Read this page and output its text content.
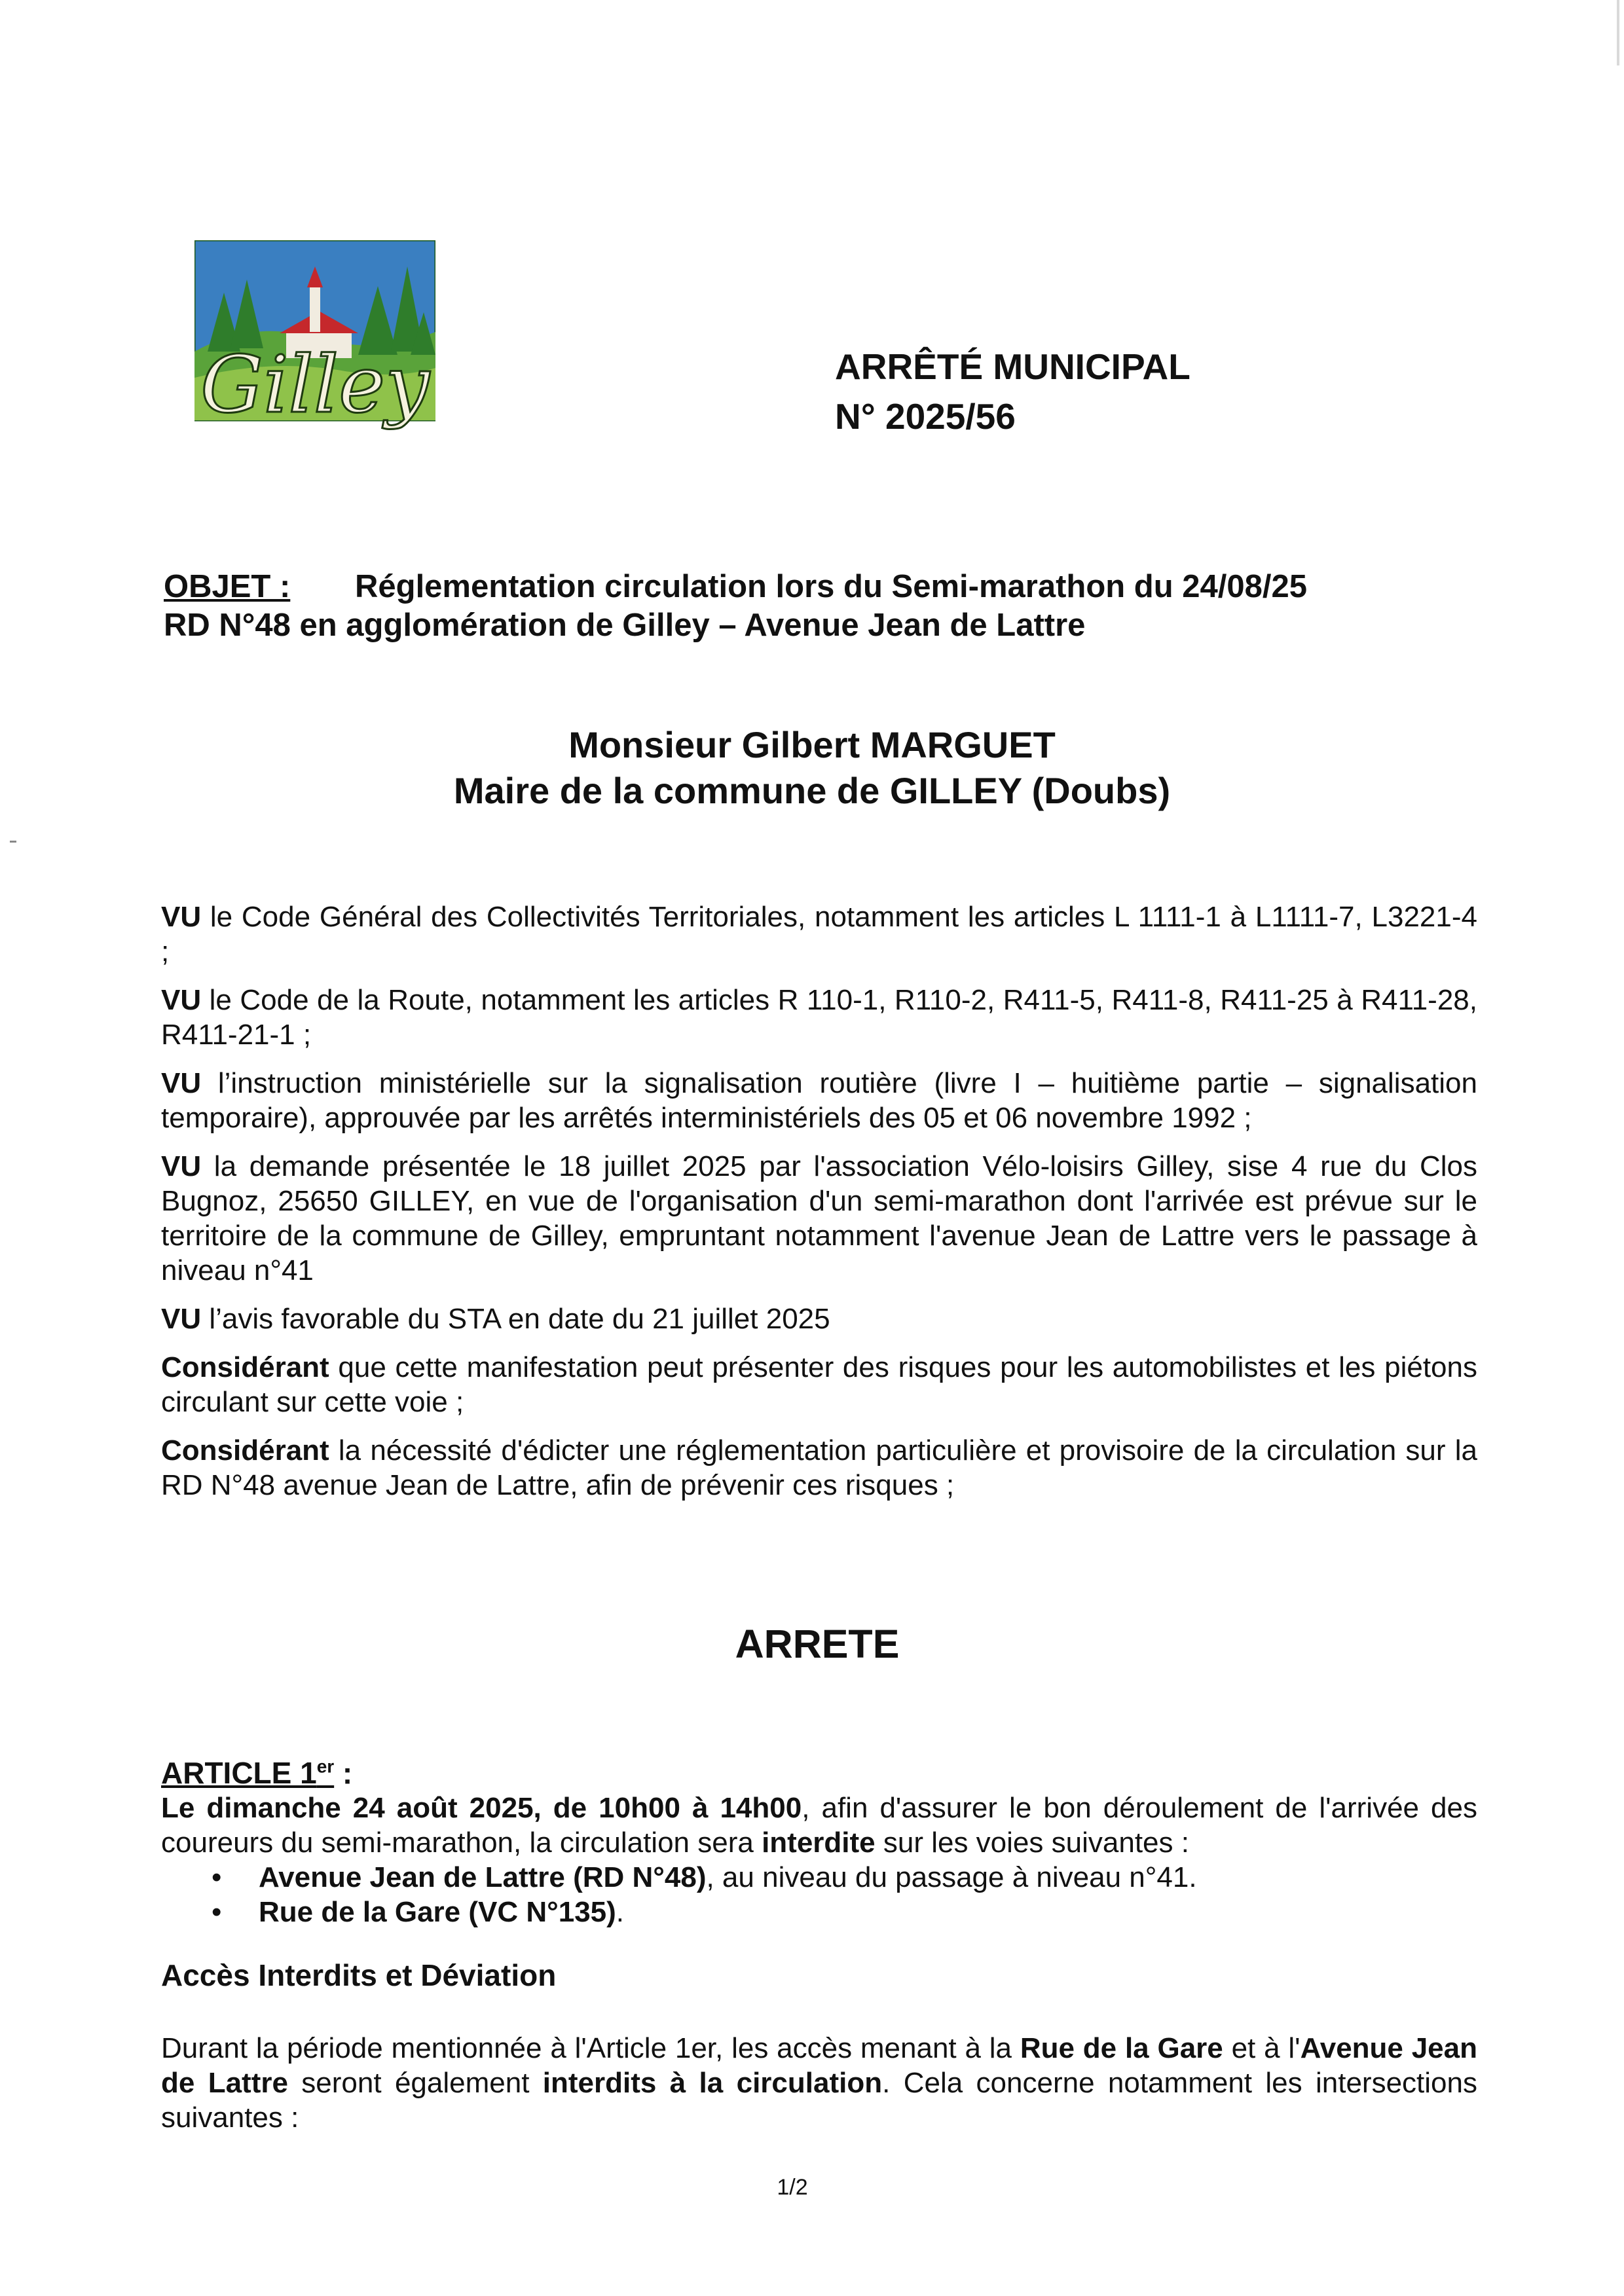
Gilley	ARRÊTÉ MUNICIPAL
N° 2025/56
OBJET : Réglementation circulation lors du Semi-marathon du 24/08/25
RD N°48 en agglomération de Gilley – Avenue Jean de Lattre
Monsieur Gilbert MARGUET
Maire de la commune de GILLEY (Doubs)

VU le Code Général des Collectivités Territoriales, notamment les articles L 1111-1 à L1111-7, L3221-4 ;

VU le Code de la Route, notamment les articles R 110-1, R110-2, R411-5, R411-8, R411-25 à R411-28, R411-21-1 ;

VU l’instruction ministérielle sur la signalisation routière (livre I – huitième partie – signalisation temporaire), approuvée par les arrêtés interministériels des 05 et 06 novembre 1992 ;

VU la demande présentée le 18 juillet 2025 par l'association Vélo-loisirs Gilley, sise 4 rue du Clos Bugnoz, 25650 GILLEY, en vue de l'organisation d'un semi-marathon dont l'arrivée est prévue sur le territoire de la commune de Gilley, empruntant notamment l'avenue Jean de Lattre vers le passage à niveau n°41

VU l’avis favorable du STA en date du 21 juillet 2025

Considérant que cette manifestation peut présenter des risques pour les automobilistes et les piétons circulant sur cette voie ;

Considérant la nécessité d'édicter une réglementation particulière et provisoire de la circulation sur la RD N°48 avenue Jean de Lattre, afin de prévenir ces risques ;

ARRETE
ARTICLE 1er :
Le dimanche 24 août 2025, de 10h00 à 14h00, afin d'assurer le bon déroulement de l'arrivée des coureurs du semi-marathon, la circulation sera interdite sur les voies suivantes :
• Avenue Jean de Lattre (RD N°48), au niveau du passage à niveau n°41.
• Rue de la Gare (VC N°135).
Accès Interdits et Déviation
Durant la période mentionnée à l'Article 1er, les accès menant à la Rue de la Gare et à l'Avenue Jean de Lattre seront également interdits à la circulation. Cela concerne notamment les intersections suivantes :
1/2
